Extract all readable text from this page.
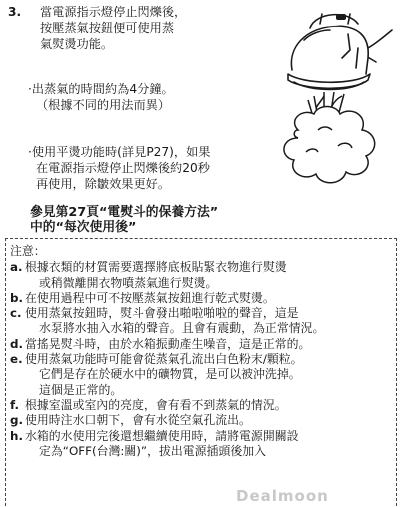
3. 當電源指示燈停止閃爍後，
按壓蒸氣按鈕便可使用蒸
氣熨燙功能。
·出蒸氣的時間約為4分鐘。
（根據不同的用法而異）
·使用平燙功能時(詳見P27)，如果
在電源指示燈停止閃爍後約20秒
再使用，除皺效果更好。
參見第27頁“電熨斗的保養方法”
中的“每次使用後”
注意：
a. 根據衣類的材質需要選擇將底板貼緊衣物進行熨燙
或稍微離開衣物噴蒸氣進行熨燙。
b. 在使用過程中可不按壓蒸氣按鈕進行乾式熨燙。
c. 使用蒸氣按鈕時，熨斗會發出啪啦啪啦的聲音，這是
水泵將水抽入水箱的聲音。且會有震動，為正常情況。
d. 當搖晃熨斗時，由於水箱振動產生噪音，這是正常的。
e. 使用蒸氣功能時可能會從蒸氣孔流出白色粉末/顆粒。
它們是存在於硬水中的礦物質，是可以被沖洗掉。
這個是正常的。
f. 根據室溫或室內的亮度，會有看不到蒸氣的情況。
g. 使用時注水口朝下，會有水從空氣孔流出。
h. 水箱的水使用完後還想繼續使用時，請將電源開關設
定為“OFF(台灣:關)”，拔出電源插頭後加入
Dealmoon
